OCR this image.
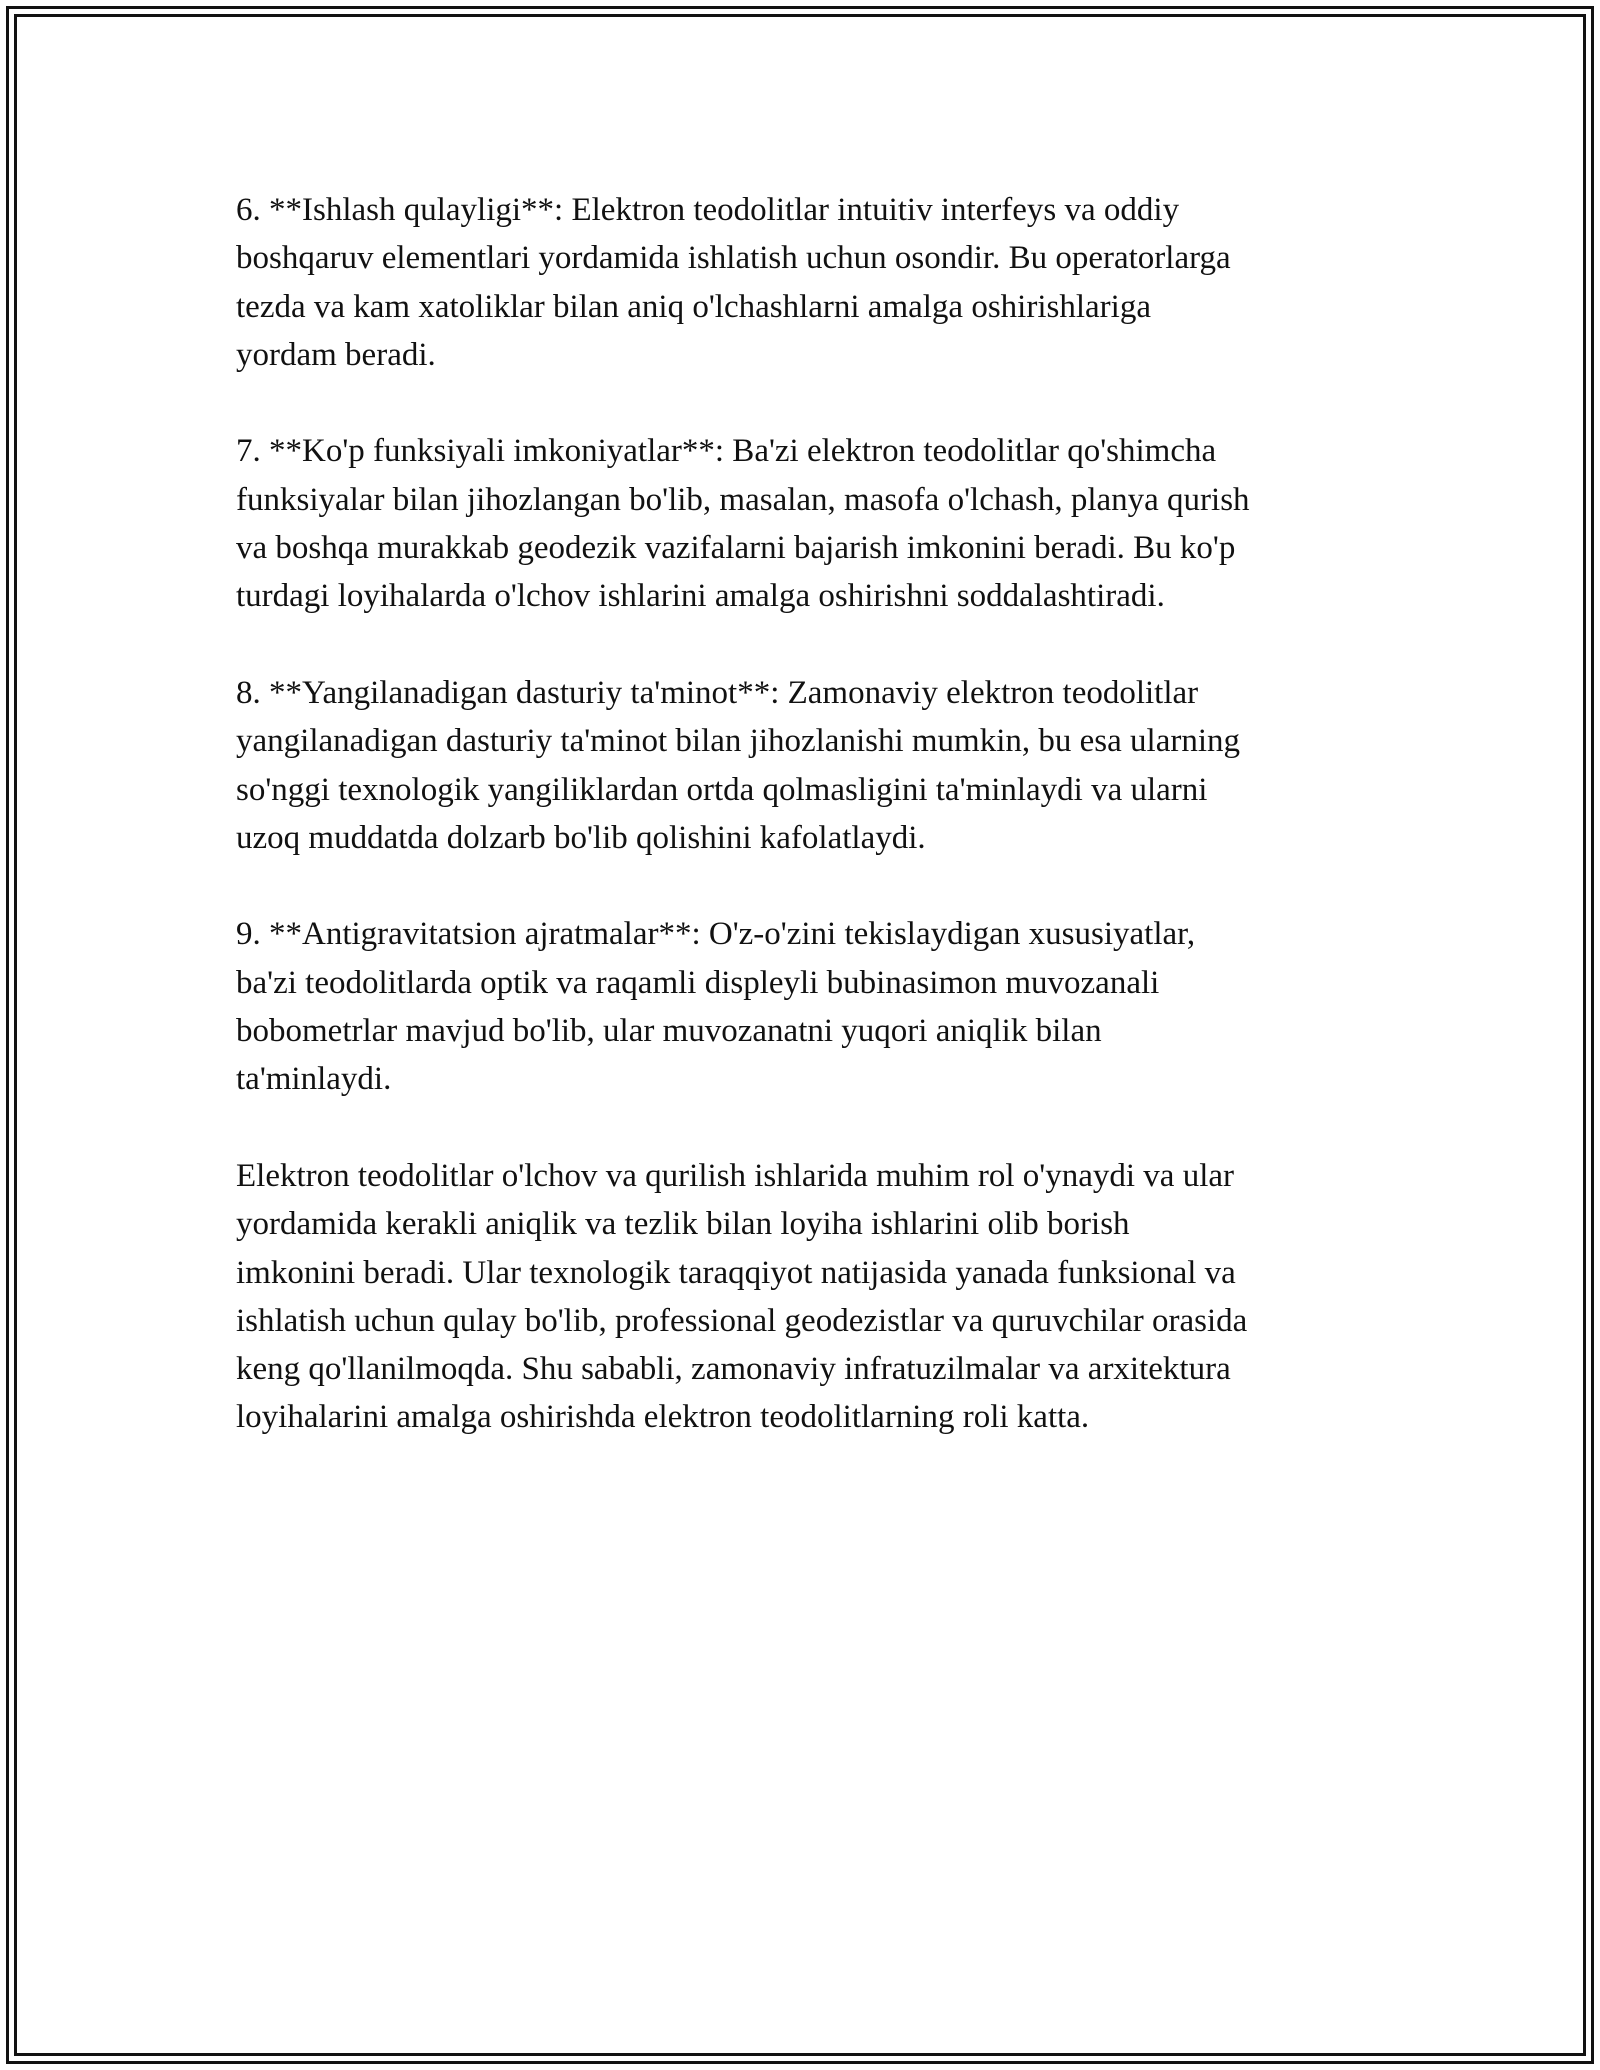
6. **Ishlash qulayligi**: Elektron teodolitlar intuitiv interfeys va oddiy
boshqaruv elementlari yordamida ishlatish uchun osondir. Bu operatorlarga
tezda va kam xatoliklar bilan aniq o'lchashlarni amalga oshirishlariga
yordam beradi.

7. **Ko'p funksiyali imkoniyatlar**: Ba'zi elektron teodolitlar qo'shimcha
funksiyalar bilan jihozlangan bo'lib, masalan, masofa o'lchash, planya qurish
va boshqa murakkab geodezik vazifalarni bajarish imkonini beradi. Bu ko'p
turdagi loyihalarda o'lchov ishlarini amalga oshirishni soddalashtiradi.

8. **Yangilanadigan dasturiy ta'minot**: Zamonaviy elektron teodolitlar
yangilanadigan dasturiy ta'minot bilan jihozlanishi mumkin, bu esa ularning
so'nggi texnologik yangiliklardan ortda qolmasligini ta'minlaydi va ularni
uzoq muddatda dolzarb bo'lib qolishini kafolatlaydi.

9. **Antigravitatsion ajratmalar**: O'z-o'zini tekislaydigan xususiyatlar,
ba'zi teodolitlarda optik va raqamli displeyli bubinasimon muvozanali
bobometrlar mavjud bo'lib, ular muvozanatni yuqori aniqlik bilan
ta'minlaydi.

Elektron teodolitlar o'lchov va qurilish ishlarida muhim rol o'ynaydi va ular
yordamida kerakli aniqlik va tezlik bilan loyiha ishlarini olib borish
imkonini beradi. Ular texnologik taraqqiyot natijasida yanada funksional va
ishlatish uchun qulay bo'lib, professional geodezistlar va quruvchilar orasida
keng qo'llanilmoqda. Shu sababli, zamonaviy infratuzilmalar va arxitektura
loyihalarini amalga oshirishda elektron teodolitlarning roli katta.
